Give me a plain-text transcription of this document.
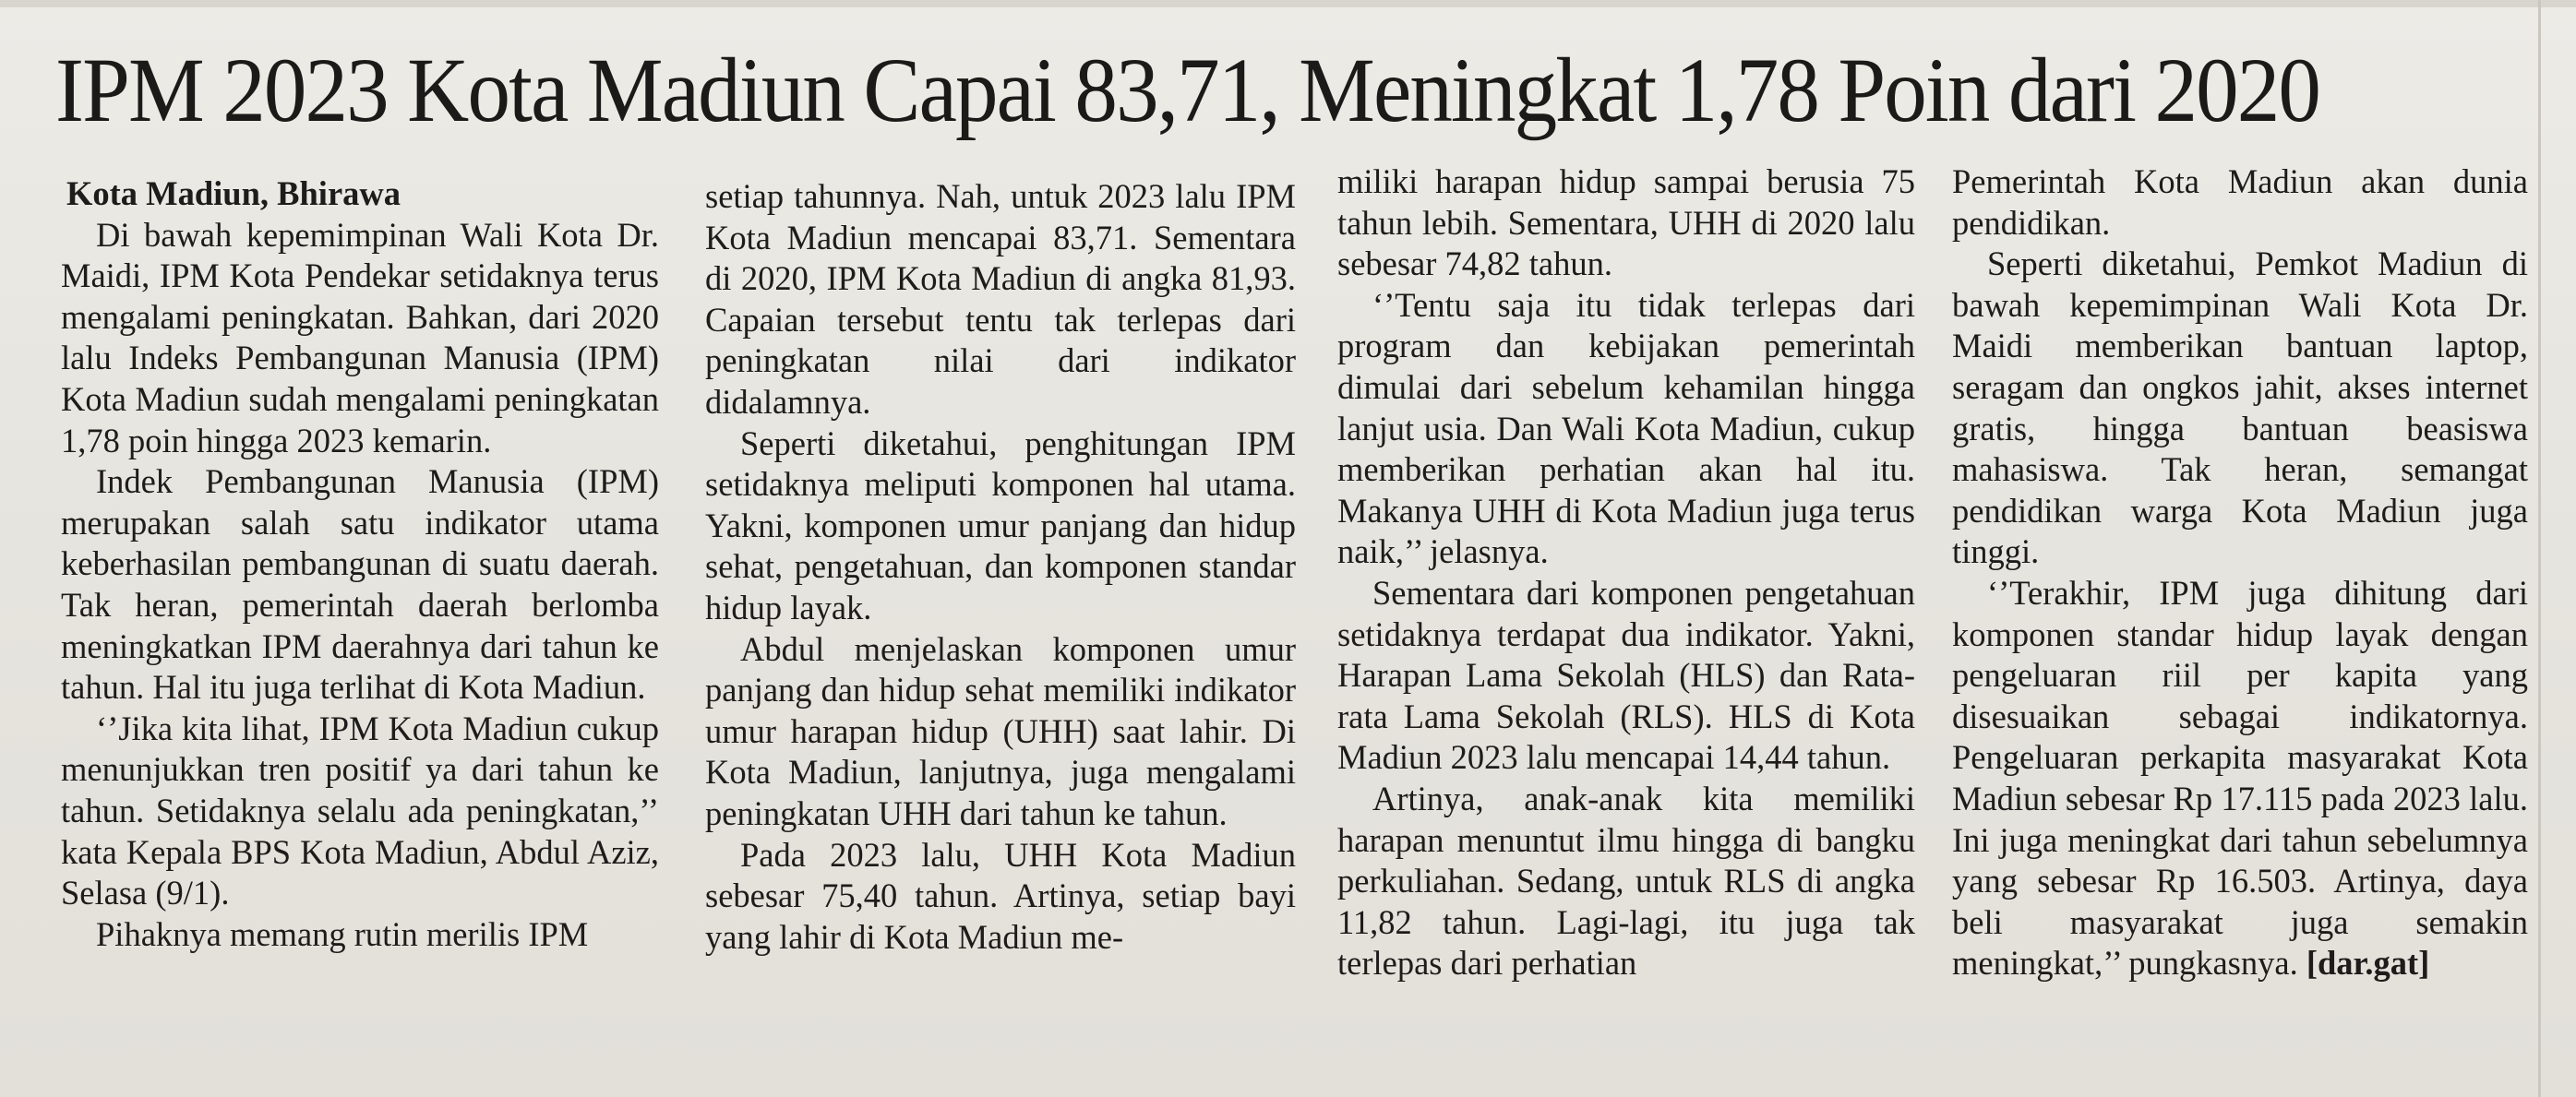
IPM 2023 Kota Madiun Capai 83,71, Meningkat 1,78 Poin dari 2020

Kota Madiun, Bhirawa

Di bawah kepemimpinan Wali Kota Dr. Maidi, IPM Kota Pendekar setidaknya terus mengalami peningkatan. Bahkan, dari 2020 lalu Indeks Pembangunan Manusia (IPM) Kota Madiun sudah mengalami peningkatan 1,78 poin hingga 2023 kemarin.

Indek Pembangunan Manusia (IPM) merupakan salah satu indikator utama keberhasilan pembangunan di suatu daerah. Tak heran, pemerintah daerah berlomba meningkatkan IPM daerahnya dari tahun ke tahun. Hal itu juga terlihat di Kota Madiun.

‘’Jika kita lihat, IPM Kota Madiun cukup menunjukkan tren positif ya dari tahun ke tahun. Setidaknya selalu ada peningkatan,’’ kata Kepala BPS Kota Madiun, Abdul Aziz, Selasa (9/1).

Pihaknya memang rutin merilis IPM

setiap tahunnya. Nah, untuk 2023 lalu IPM Kota Madiun mencapai 83,71. Sementara di 2020, IPM Kota Madiun di angka 81,93. Capaian tersebut tentu tak terlepas dari peningkatan nilai dari indikator didalamnya.

Seperti diketahui, penghitungan IPM setidaknya meliputi komponen hal utama. Yakni, komponen umur panjang dan hidup sehat, pengetahuan, dan komponen standar hidup layak.

Abdul menjelaskan komponen umur panjang dan hidup sehat memiliki indikator umur harapan hidup (UHH) saat lahir. Di Kota Madiun, lanjutnya, juga mengalami peningkatan UHH dari tahun ke tahun.

Pada 2023 lalu, UHH Kota Madiun sebesar 75,40 tahun. Artinya, setiap bayi yang lahir di Kota Madiun me-

miliki harapan hidup sampai berusia 75 tahun lebih. Sementara, UHH di 2020 lalu sebesar 74,82 tahun.

‘’Tentu saja itu tidak terlepas dari program dan kebijakan pemerintah dimulai dari sebelum kehamilan hingga lanjut usia. Dan Wali Kota Madiun, cukup memberikan perhatian akan hal itu. Makanya UHH di Kota Madiun juga terus naik,’’ jelasnya.

Sementara dari komponen pengetahuan setidaknya terdapat dua indikator. Yakni, Harapan Lama Sekolah (HLS) dan Rata-rata Lama Sekolah (RLS). HLS di Kota Madiun 2023 lalu mencapai 14,44 tahun.

Artinya, anak-anak kita memiliki harapan menuntut ilmu hingga di bangku perkuliahan. Sedang, untuk RLS di angka 11,82 tahun. Lagi-lagi, itu juga tak terlepas dari perhatian

Pemerintah Kota Madiun akan dunia pendidikan.

Seperti diketahui, Pemkot Madiun di bawah kepemimpinan Wali Kota Dr. Maidi memberikan bantuan laptop, seragam dan ongkos jahit, akses internet gratis, hingga bantuan beasiswa mahasiswa. Tak heran, semangat pendidikan warga Kota Madiun juga tinggi.

‘’Terakhir, IPM juga dihitung dari komponen standar hidup layak dengan pengeluaran riil per kapita yang disesuaikan sebagai indikatornya. Pengeluaran perkapita masyarakat Kota Madiun sebesar Rp 17.115 pada 2023 lalu. Ini juga meningkat dari tahun sebelumnya yang sebesar Rp 16.503. Artinya, daya beli masyarakat juga semakin meningkat,’’ pungkasnya. [dar.gat]
